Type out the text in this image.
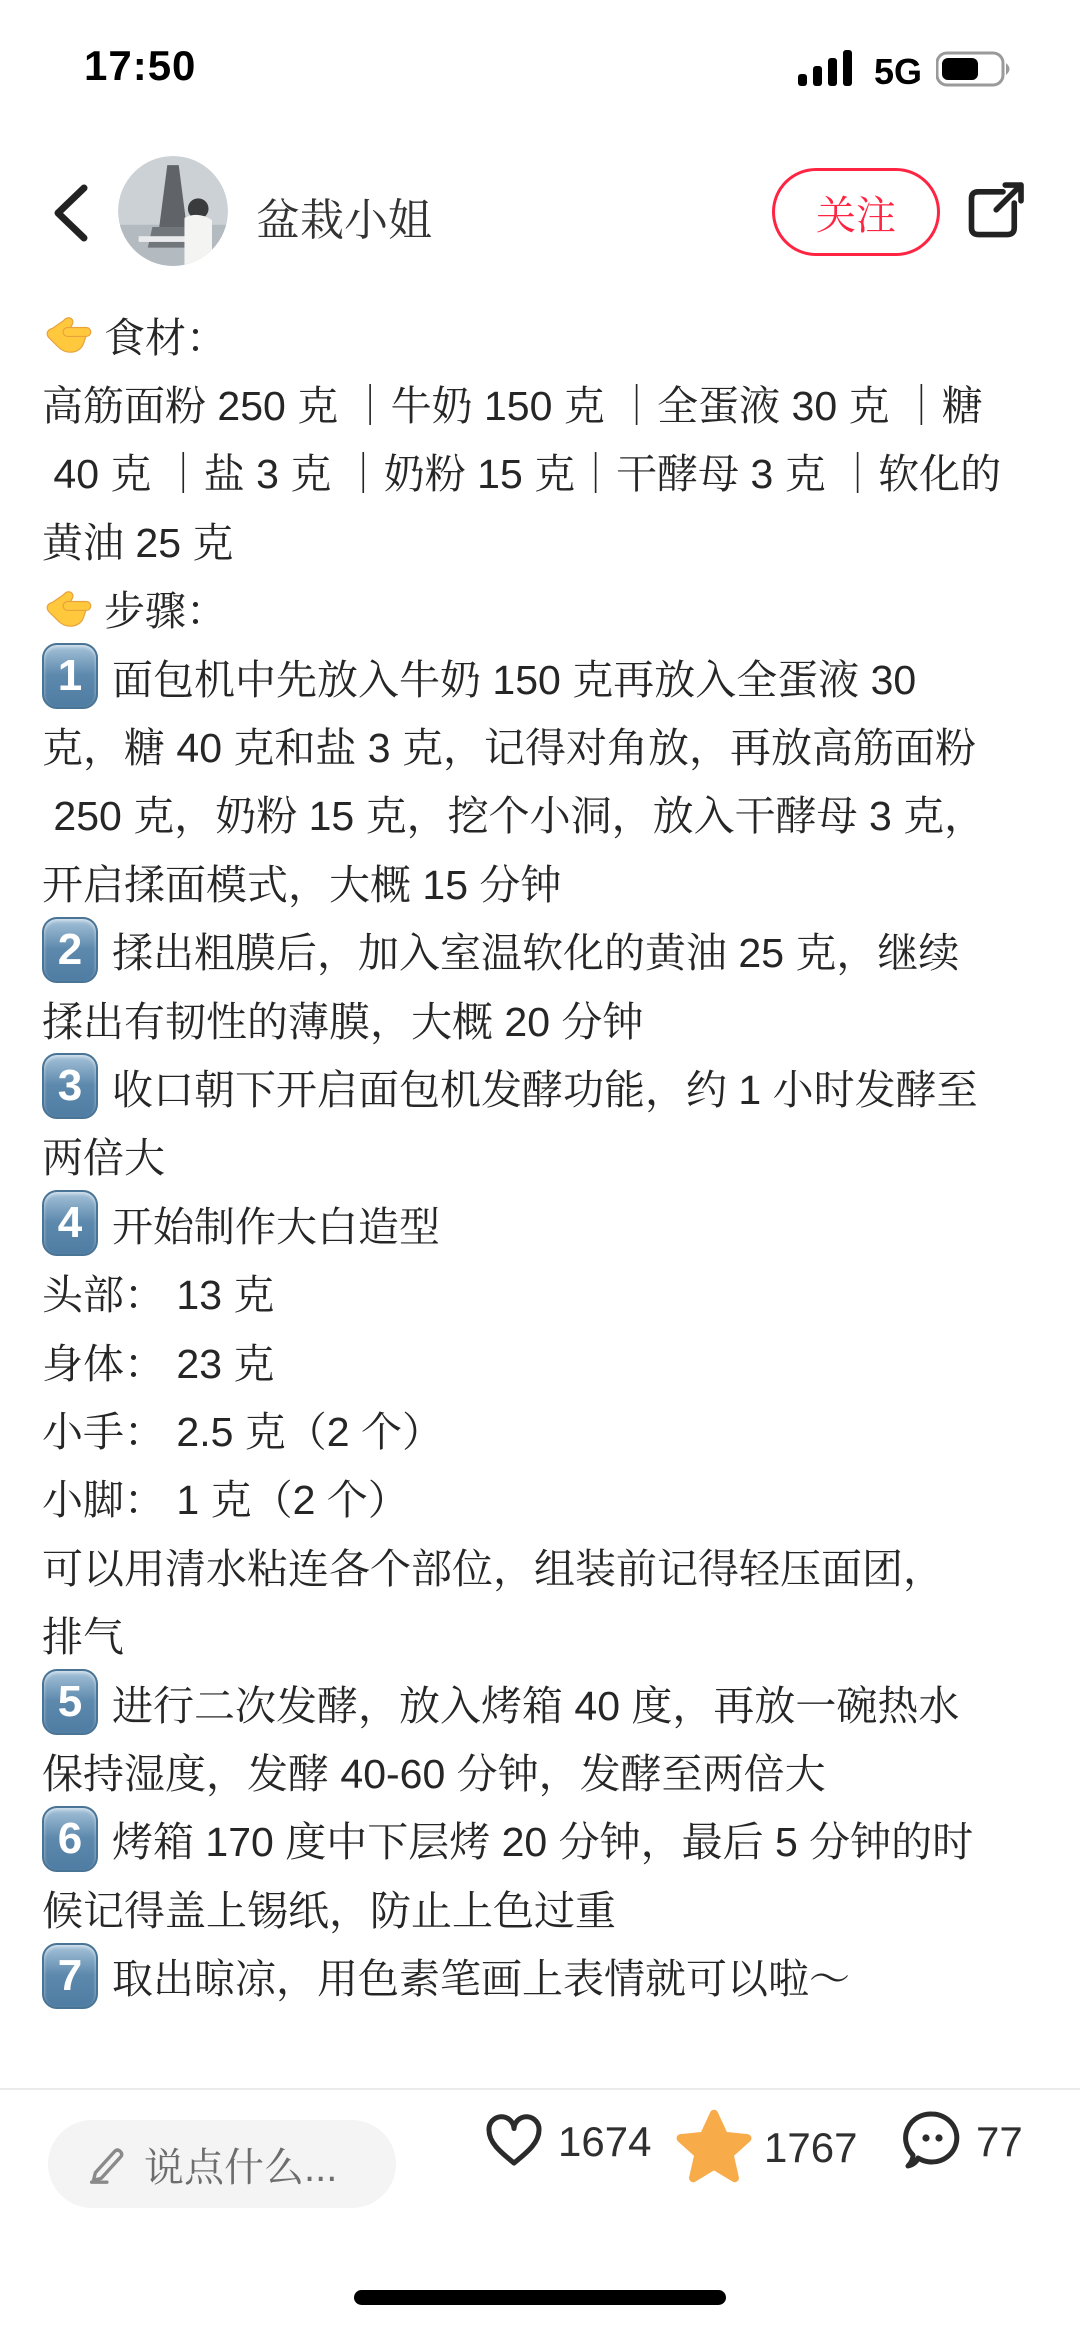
17:50	5G
盆栽小姐	关注
食材：
高筋面粉 250 克 ｜牛奶 150 克 ｜全蛋液 30 克 ｜糖
40 克 ｜盐 3 克 ｜奶粉 15 克｜干酵母 3 克 ｜软化的
黄油 25 克
步骤：
1 面包机中先放入牛奶 150 克再放入全蛋液 30
克，糖 40 克和盐 3 克，记得对角放，再放高筋面粉
250 克，奶粉 15 克，挖个小洞，放入干酵母 3 克，
开启揉面模式，大概 15 分钟
2 揉出粗膜后，加入室温软化的黄油 25 克，继续
揉出有韧性的薄膜，大概 20 分钟
3 收口朝下开启面包机发酵功能，约 1 小时发酵至
两倍大
4 开始制作大白造型
头部： 13 克
身体： 23 克
小手： 2.5 克（2 个）
小脚： 1 克（2 个）
可以用清水粘连各个部位，组装前记得轻压面团，
排气
5 进行二次发酵，放入烤箱 40 度，再放一碗热水
保持湿度，发酵 40-60 分钟，发酵至两倍大
6 烤箱 170 度中下层烤 20 分钟，最后 5 分钟的时
候记得盖上锡纸，防止上色过重
7 取出晾凉，用色素笔画上表情就可以啦～
说点什么...
1674	1767	77
